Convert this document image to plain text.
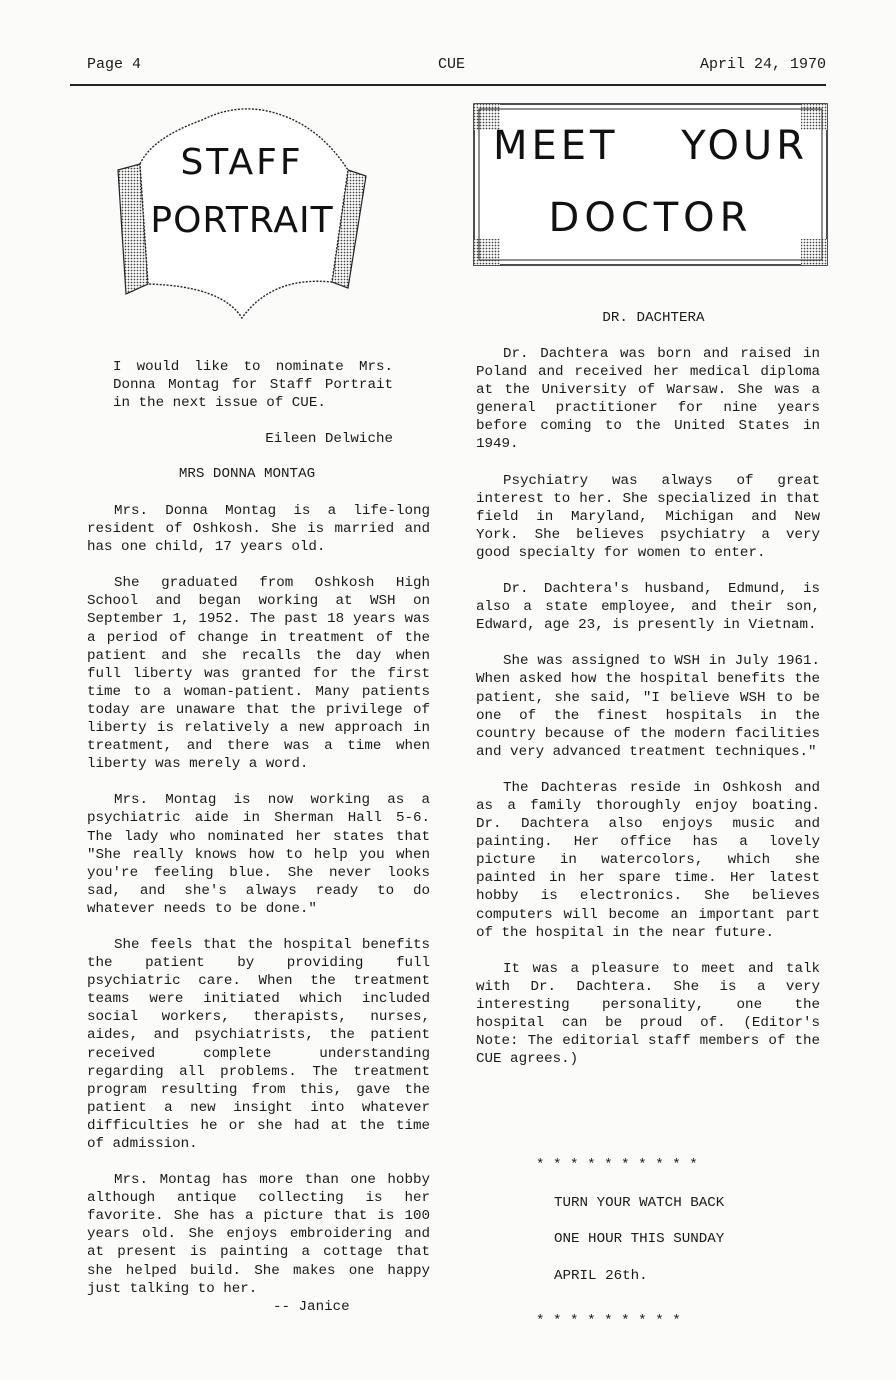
Page 4	CUE	April 24, 1970
STAFF
PORTRAIT
MEET YOUR
DOCTOR

I would like to nominate Mrs. Donna Montag for Staff Portrait in the next issue of CUE.

Eileen Delwiche
MRS DONNA MONTAG

Mrs. Donna Montag is a life-long resident of Oshkosh. She is married and has one child, 17 years old.

She graduated from Oshkosh High School and began working at WSH on September 1, 1952. The past 18 years was a period of change in treatment of the patient and she recalls the day when full liberty was granted for the first time to a woman-patient. Many patients today are unaware that the privilege of liberty is relatively a new approach in treatment, and there was a time when liberty was merely a word.

Mrs. Montag is now working as a psychiatric aide in Sherman Hall 5-6. The lady who nominated her states that "She really knows how to help you when you're feeling blue. She never looks sad, and she's always ready to do whatever needs to be done."

She feels that the hospital benefits the patient by providing full psychiatric care. When the treatment teams were initiated which included social workers, therapists, nurses, aides, and psychiatrists, the patient received complete understanding regarding all problems. The treatment program resulting from this, gave the patient a new insight into whatever difficulties he or she had at the time of admission.

Mrs. Montag has more than one hobby although antique collecting is her favorite. She has a picture that is 100 years old. She enjoys embroidering and at present is painting a cottage that she helped build. She makes one happy just talking to her.

-- Janice
DR. DACHTERA

Dr. Dachtera was born and raised in Poland and received her medical diploma at the University of Warsaw. She was a general practitioner for nine years before coming to the United States in 1949.

Psychiatry was always of great interest to her. She specialized in that field in Maryland, Michigan and New York. She believes psychiatry a very good specialty for women to enter.

Dr. Dachtera's husband, Edmund, is also a state employee, and their son, Edward, age 23, is presently in Vietnam.

She was assigned to WSH in July 1961. When asked how the hospital benefits the patient, she said, "I believe WSH to be one of the finest hospitals in the country because of the modern facilities and very advanced treatment techniques."

The Dachteras reside in Oshkosh and as a family thoroughly enjoy boating. Dr. Dachtera also enjoys music and painting. Her office has a lovely picture in watercolors, which she painted in her spare time. Her latest hobby is electronics. She believes computers will become an important part of the hospital in the near future.

It was a pleasure to meet and talk with Dr. Dachtera. She is a very interesting personality, one the hospital can be proud of. (Editor's Note: The editorial staff members of the CUE agrees.)

* * * * * * * * * *
TURN YOUR WATCH BACK
ONE HOUR THIS SUNDAY
APRIL 26th.
* * * * * * * * *
